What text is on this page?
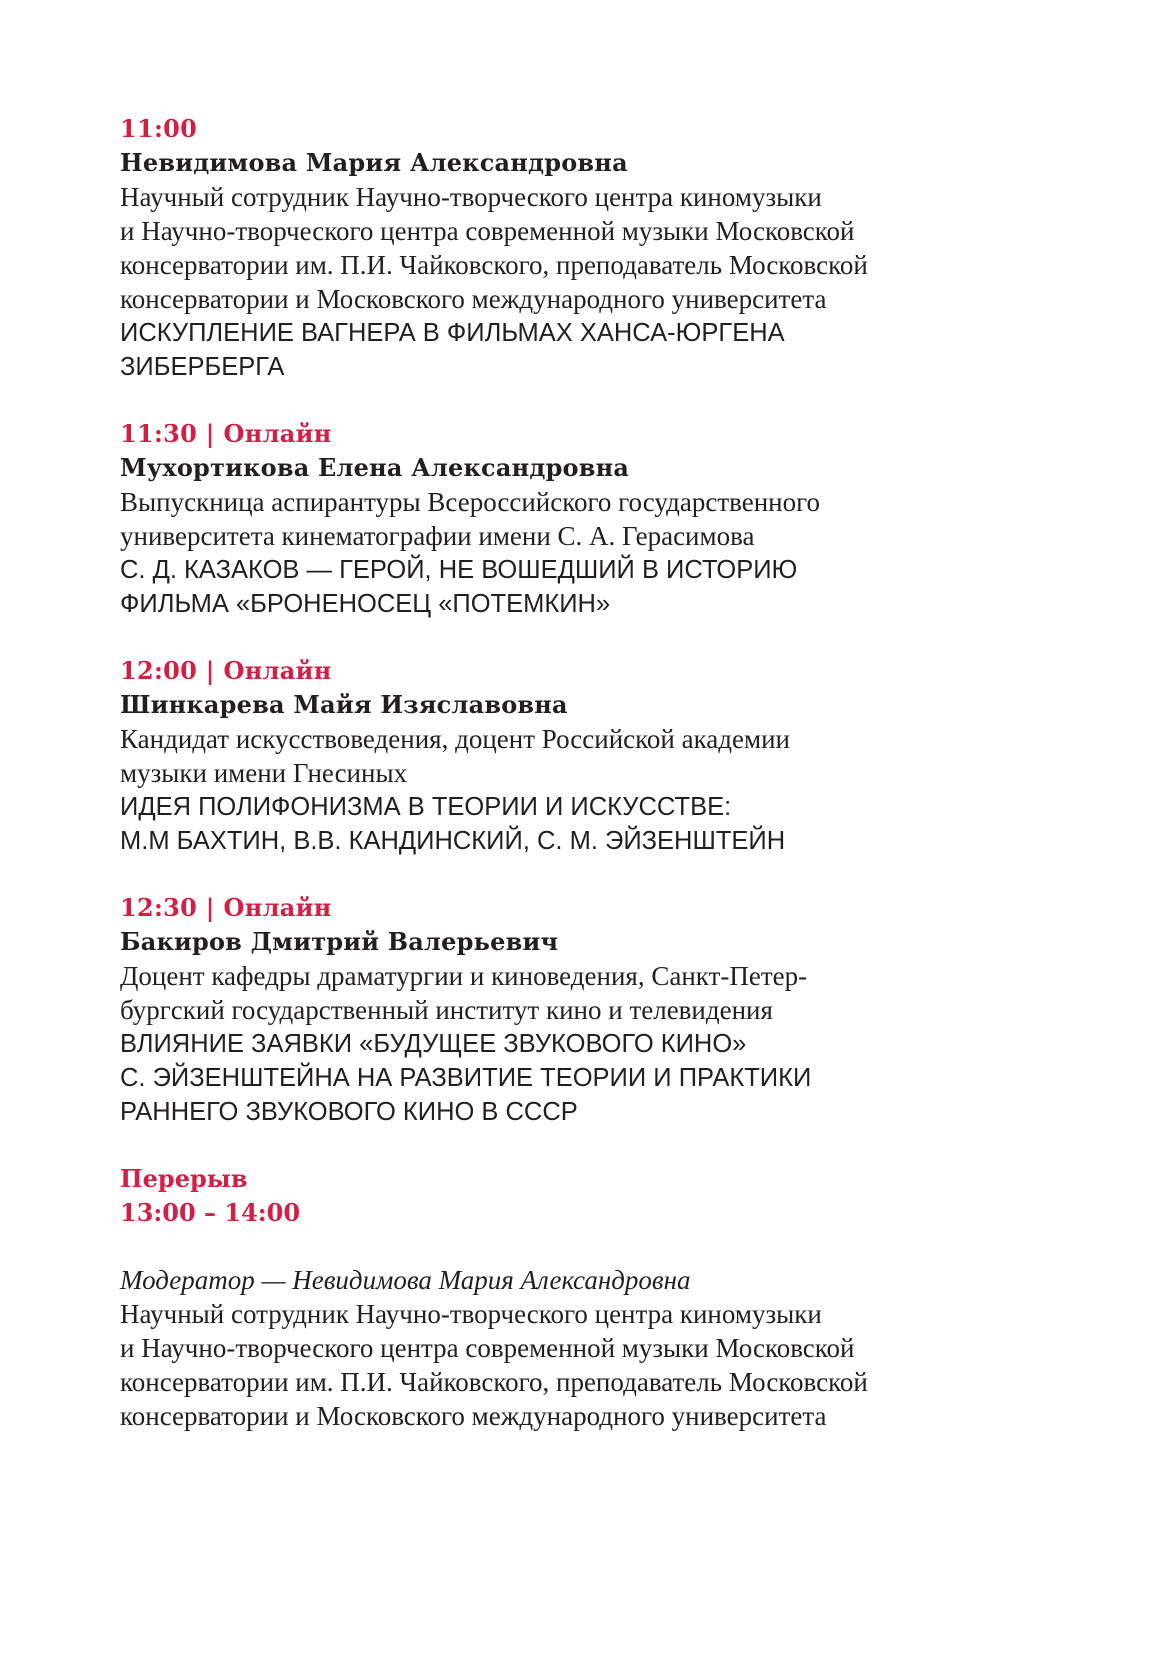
11:00
Невидимова Мария Александровна
Научный сотрудник Научно-творческого центра киномузыки
и Научно-творческого центра современной музыки Московской
консерватории им. П.И. Чайковского, преподаватель Московской
консерватории и Московского международного университета
ИСКУПЛЕНИЕ ВАГНЕРА В ФИЛЬМАХ ХАНСА-ЮРГЕНА
ЗИБЕРБЕРГА
11:30 | Онлайн
Мухортикова Елена Александровна
Выпускница аспирантуры Всероссийского государственного
университета кинематографии имени С. А. Герасимова
С. Д. КАЗАКОВ — ГЕРОЙ, НЕ ВОШЕДШИЙ В ИСТОРИЮ
ФИЛЬМА «БРОНЕНОСЕЦ «ПОТЕМКИН»
12:00 | Онлайн
Шинкарева Майя Изяславовна
Кандидат искусствоведения, доцент Российской академии
музыки имени Гнесиных
ИДЕЯ ПОЛИФОНИЗМА В ТЕОРИИ И ИСКУССТВЕ:
М.М БАХТИН, В.В. КАНДИНСКИЙ, С. М. ЭЙЗЕНШТЕЙН
12:30 | Онлайн
Бакиров Дмитрий Валерьевич
Доцент кафедры драматургии и киноведения, Санкт-Петер-
бургский государственный институт кино и телевидения
ВЛИЯНИЕ ЗАЯВКИ «БУДУЩЕЕ ЗВУКОВОГО КИНО»
С. ЭЙЗЕНШТЕЙНА НА РАЗВИТИЕ ТЕОРИИ И ПРАКТИКИ
РАННЕГО ЗВУКОВОГО КИНО В СССР
Перерыв
13:00 – 14:00
Модератор — Невидимова Мария Александровна
Научный сотрудник Научно-творческого центра киномузыки
и Научно-творческого центра современной музыки Московской
консерватории им. П.И. Чайковского, преподаватель Московской
консерватории и Московского международного университета
